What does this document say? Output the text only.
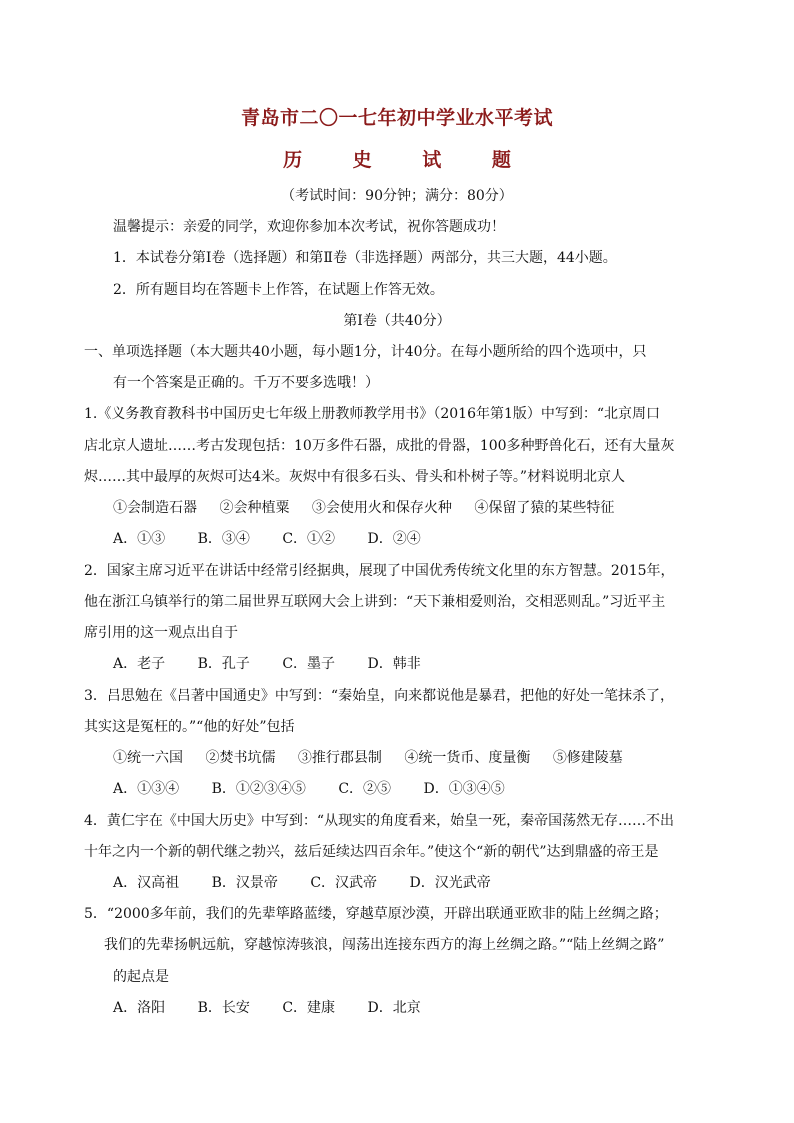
青岛市二〇一七年初中学业水平考试
历 史 试 题
（考试时间：90分钟；满分：80分）
温馨提示：亲爱的同学，欢迎你参加本次考试，祝你答题成功！
1．本试卷分第Ⅰ卷（选择题）和第Ⅱ卷（非选择题）两部分，共三大题，44小题。
2．所有题目均在答题卡上作答，在试题上作答无效。
第Ⅰ卷（共40分）
一、单项选择题（本大题共40小题，每小题1分，计40分。在每小题所给的四个选项中，只
有一个答案是正确的。千万不要多选哦！）
1.《义务教育教科书中国历史七年级上册教师教学用书》（2016年第1版）中写到：“北京周口
店北京人遗址……考古发现包括：10万多件石器，成批的骨器，100多种野兽化石，还有大量灰
烬……其中最厚的灰烬可达4米。灰烬中有很多石头、骨头和朴树子等。”材料说明北京人
①会制造石器 ②会种植粟 ③会使用火和保存火种 ④保留了猿的某些特征
A．①③ B．③④ C．①② D．②④
2．国家主席习近平在讲话中经常引经据典，展现了中国优秀传统文化里的东方智慧。2015年，
他在浙江乌镇举行的第二届世界互联网大会上讲到：“天下兼相爱则治，交相恶则乱。”习近平主
席引用的这一观点出自于
A．老子 B．孔子 C．墨子 D．韩非
3．吕思勉在《吕著中国通史》中写到：“秦始皇，向来都说他是暴君，把他的好处一笔抹杀了，
其实这是冤枉的。”“他的好处”包括
①统一六国 ②焚书坑儒 ③推行郡县制 ④统一货币、度量衡 ⑤修建陵墓
A．①③④ B．①②③④⑤ C．②⑤ D．①③④⑤
4．黄仁宇在《中国大历史》中写到：“从现实的角度看来，始皇一死，秦帝国荡然无存……不出
十年之内一个新的朝代继之勃兴，兹后延续达四百余年。”使这个“新的朝代”达到鼎盛的帝王是
A．汉高祖 B．汉景帝 C．汉武帝 D．汉光武帝
5．“2000多年前，我们的先辈筚路蓝缕，穿越草原沙漠，开辟出联通亚欧非的陆上丝绸之路；
我们的先辈扬帆远航，穿越惊涛骇浪，闯荡出连接东西方的海上丝绸之路。”“陆上丝绸之路”
的起点是
A．洛阳 B．长安 C．建康 D．北京
